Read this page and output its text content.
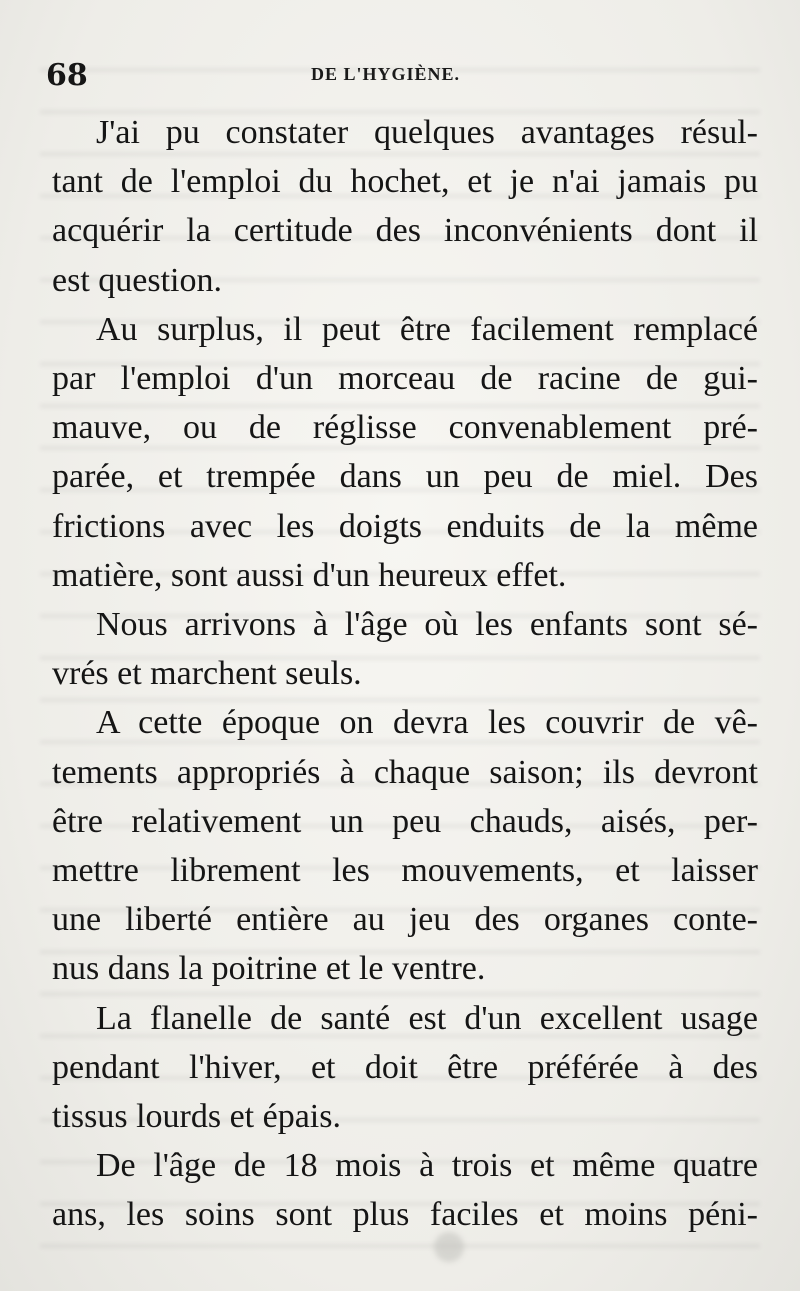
68	DE L'HYGIÈNE.
J'ai pu constater quelques avantages résul-
tant de l'emploi du hochet, et je n'ai jamais pu
acquérir la certitude des inconvénients dont il
est question.
Au surplus, il peut être facilement remplacé
par l'emploi d'un morceau de racine de gui-
mauve, ou de réglisse convenablement pré-
parée, et trempée dans un peu de miel. Des
frictions avec les doigts enduits de la même
matière, sont aussi d'un heureux effet.
Nous arrivons à l'âge où les enfants sont sé-
vrés et marchent seuls.
A cette époque on devra les couvrir de vê-
tements appropriés à chaque saison; ils devront
être relativement un peu chauds, aisés, per-
mettre librement les mouvements, et laisser
une liberté entière au jeu des organes conte-
nus dans la poitrine et le ventre.
La flanelle de santé est d'un excellent usage
pendant l'hiver, et doit être préférée à des
tissus lourds et épais.
De l'âge de 18 mois à trois et même quatre
ans, les soins sont plus faciles et moins péni-
